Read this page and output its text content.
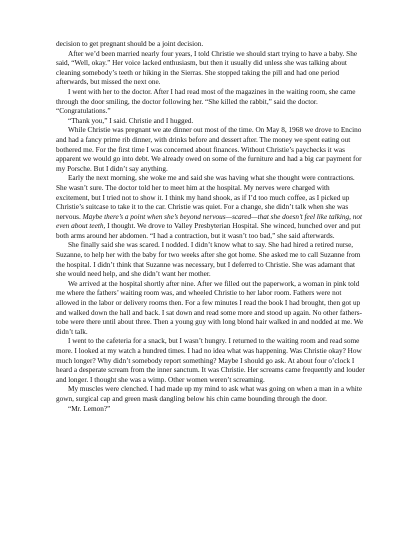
decision to get pregnant should be a joint decision.

After we’d been married nearly four years, I told Christie we should start trying to have a baby. She said, “Well, okay.” Her voice lacked enthusiasm, but then it usually did unless she was talking about cleaning somebody’s teeth or hiking in the Sierras. She stopped taking the pill and had one period afterwards, but missed the next one.

I went with her to the doctor. After I had read most of the magazines in the waiting room, she came through the door smiling, the doctor following her. “She killed the rabbit,” said the doctor. “Congratulations.”

“Thank you,” I said. Christie and I hugged.

While Christie was pregnant we ate dinner out most of the time. On May 8, 1968 we drove to Encino and had a fancy prime rib dinner, with drinks before and dessert after. The money we spent eating out bothered me. For the first time I was concerned about finances. Without Christie’s paychecks it was apparent we would go into debt. We already owed on some of the furniture and had a big car payment for my Porsche. But I didn’t say anything.

Early the next morning, she woke me and said she was having what she thought were contractions. She wasn’t sure. The doctor told her to meet him at the hospital. My nerves were charged with excitement, but I tried not to show it. I think my hand shook, as if I’d too much coffee, as I picked up Christie’s suitcase to take it to the car. Christie was quiet. For a change, she didn’t talk when she was nervous. Maybe there’s a point when she’s beyond nervous—scared—that she doesn’t feel like talking, not even about teeth, I thought. We drove to Valley Presbyterian Hospital. She winced, hunched over and put both arms around her abdomen. “I had a contraction, but it wasn’t too bad,” she said afterwards.

She finally said she was scared. I nodded. I didn’t know what to say. She had hired a retired nurse, Suzanne, to help her with the baby for two weeks after she got home. She asked me to call Suzanne from the hospital. I didn’t think that Suzanne was necessary, but I deferred to Christie. She was adamant that she would need help, and she didn’t want her mother.

We arrived at the hospital shortly after nine. After we filled out the paperwork, a woman in pink told me where the fathers’ waiting room was, and wheeled Christie to her labor room. Fathers were not allowed in the labor or delivery rooms then. For a few minutes I read the book I had brought, then got up and walked down the hall and back. I sat down and read some more and stood up again. No other fathers-tobe were there until about three. Then a young guy with long blond hair walked in and nodded at me. We didn’t talk.

I went to the cafeteria for a snack, but I wasn’t hungry. I returned to the waiting room and read some more. I looked at my watch a hundred times. I had no idea what was happening. Was Christie okay? How much longer? Why didn’t somebody report something? Maybe I should go ask. At about four o’clock I heard a desperate scream from the inner sanctum. It was Christie. Her screams came frequently and louder and longer. I thought she was a wimp. Other women weren’t screaming.

My muscles were clenched. I had made up my mind to ask what was going on when a man in a white gown, surgical cap and green mask dangling below his chin came bounding through the door.

“Mr. Lemon?”
